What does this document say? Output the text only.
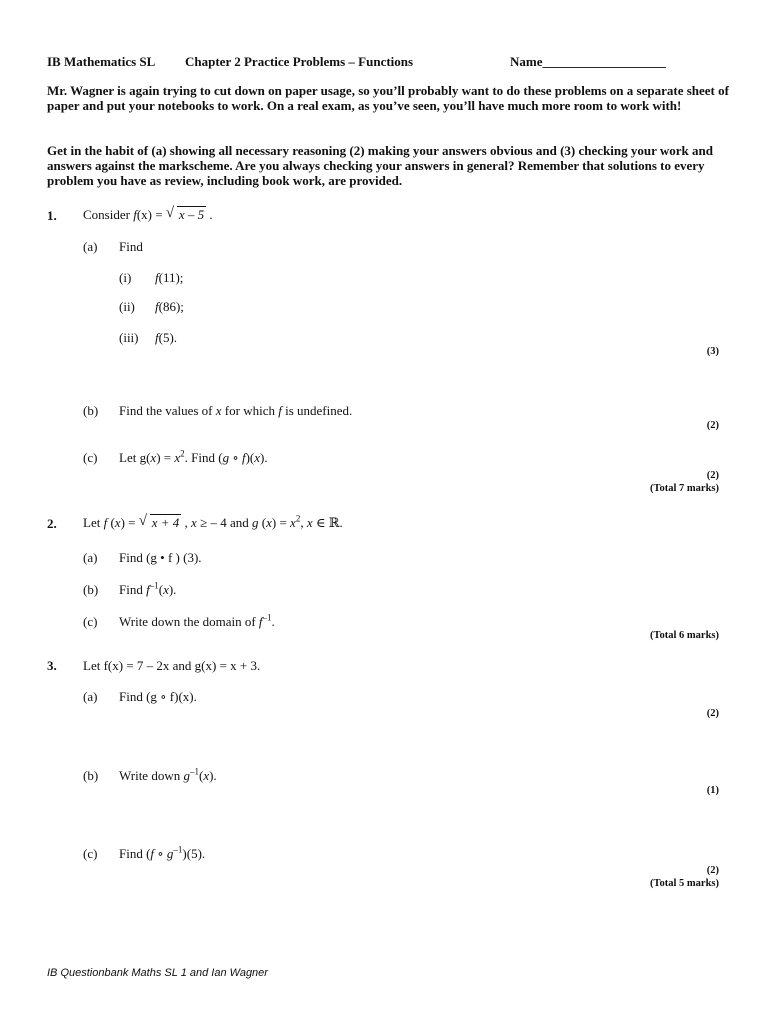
IB Mathematics SL Chapter 2 Practice Problems – Functions	Name___________________
Mr. Wagner is again trying to cut down on paper usage, so you’ll probably want to do these problems on a separate sheet of paper and put your notebooks to work. On a real exam, as you’ve seen, you’ll have much more room to work with!
Get in the habit of (a) showing all necessary reasoning (2) making your answers obvious and (3) checking your work and answers against the markscheme. Are you always checking your answers in general? Remember that solutions to every problem you have as review, including book work, are provided.
1. Consider f(x) = √ x – 5 .
(a) Find
(i) f(11);
(ii) f(86);
(iii) f(5).
(3)
(b) Find the values of x for which f is undefined.
(2)
(c) Let $g(x) = x^2$. Find (g ∘ f)(x).
(2)
(Total 7 marks)
2. Let f (x) = √ x + 4 , x ≥ – 4 and g $(x) = x^2$, x ∈ ℝ.
(a) Find (g • f ) (3).
(b) Find $f^{-1}(x)$.
(c) Write down the domain of $f^{-1}$.
(Total 6 marks)
3. Let f(x) = 7 – 2x and g(x) = x + 3.
(a) Find (g ∘ f)(x).
(2)
(b) Write down $g^{-1}(x)$.
(1)
(c) Find (f ∘ $g^{-1})(5)$.
(2)
(Total 5 marks)
IB Questionbank Maths SL 1 and Ian Wagner
